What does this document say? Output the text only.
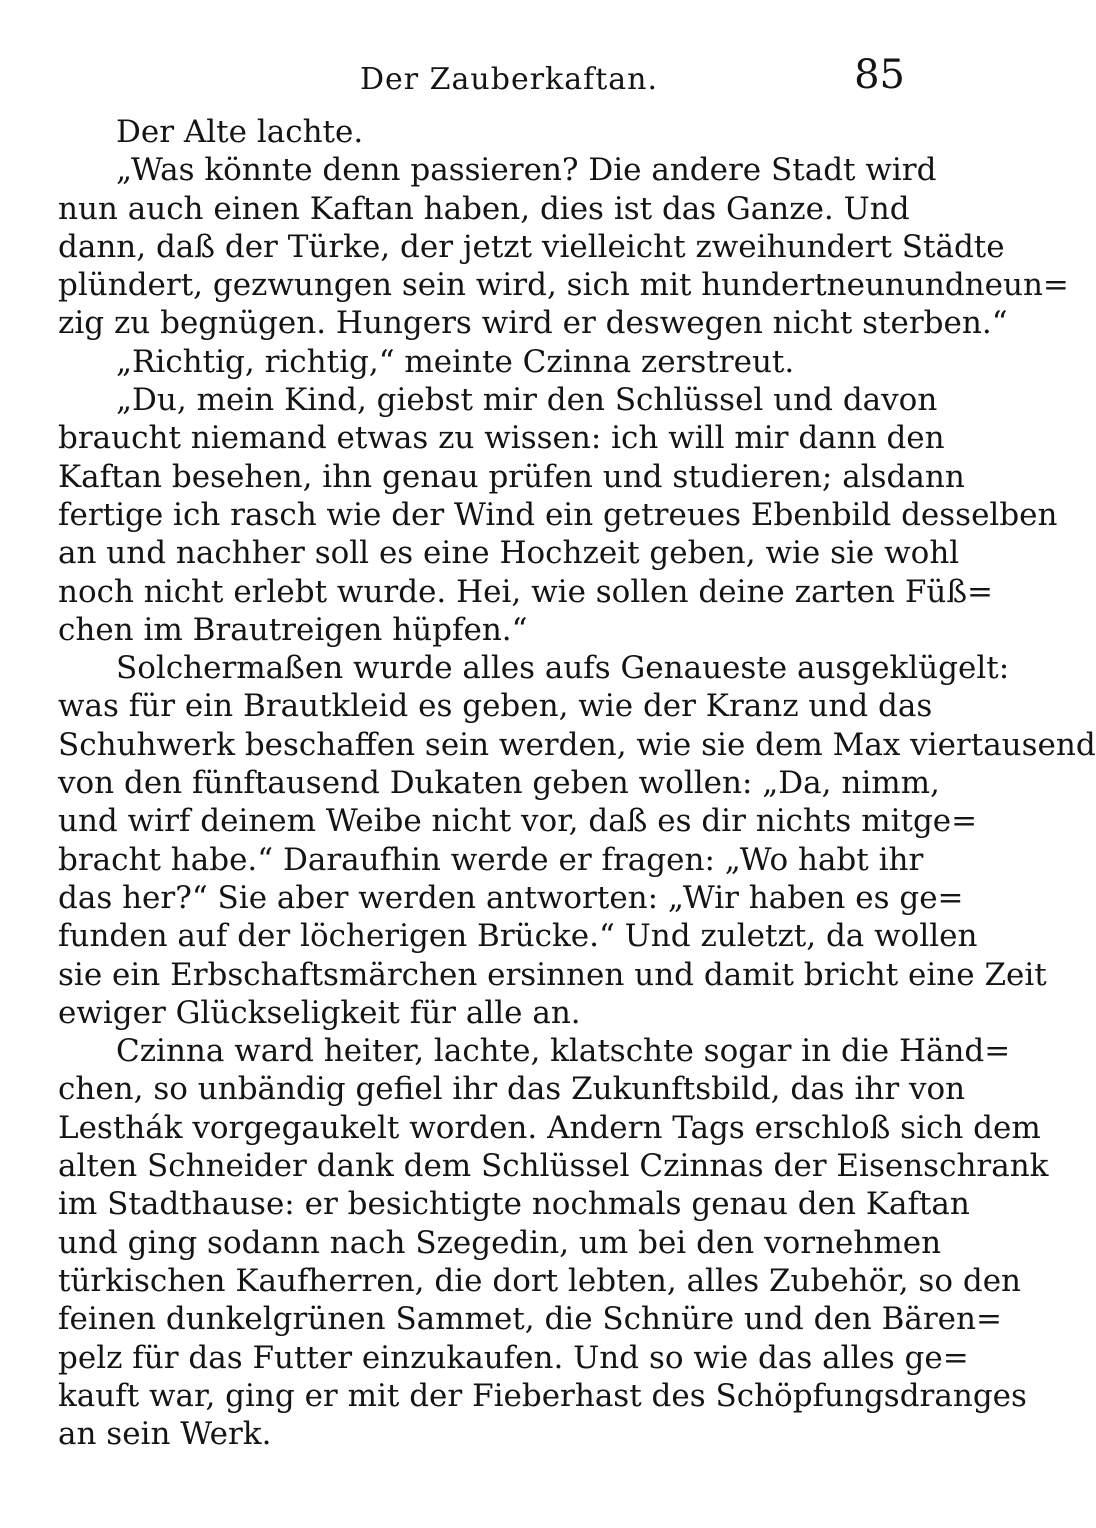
Der Zauberkaftan.	85
Der Alte lachte.
„Was könnte denn passieren? Die andere Stadt wird
nun auch einen Kaftan haben, dies ist das Ganze. Und
dann, daß der Türke, der jetzt vielleicht zweihundert Städte
plündert, gezwungen sein wird, sich mit hundertneunundneun=
zig zu begnügen. Hungers wird er deswegen nicht sterben.“
„Richtig, richtig,“ meinte Czinna zerstreut.
„Du, mein Kind, giebst mir den Schlüssel und davon
braucht niemand etwas zu wissen: ich will mir dann den
Kaftan besehen, ihn genau prüfen und studieren; alsdann
fertige ich rasch wie der Wind ein getreues Ebenbild desselben
an und nachher soll es eine Hochzeit geben, wie sie wohl
noch nicht erlebt wurde. Hei, wie sollen deine zarten Füß=
chen im Brautreigen hüpfen.“
Solchermaßen wurde alles aufs Genaueste ausgeklügelt:
was für ein Brautkleid es geben, wie der Kranz und das
Schuhwerk beschaffen sein werden, wie sie dem Max viertausend
von den fünftausend Dukaten geben wollen: „Da, nimm,
und wirf deinem Weibe nicht vor, daß es dir nichts mitge=
bracht habe.“ Daraufhin werde er fragen: „Wo habt ihr
das her?“ Sie aber werden antworten: „Wir haben es ge=
funden auf der löcherigen Brücke.“ Und zuletzt, da wollen
sie ein Erbschaftsmärchen ersinnen und damit bricht eine Zeit
ewiger Glückseligkeit für alle an.
Czinna ward heiter, lachte, klatschte sogar in die Händ=
chen, so unbändig gefiel ihr das Zukunftsbild, das ihr von
Lesthák vorgegaukelt worden. Andern Tags erschloß sich dem
alten Schneider dank dem Schlüssel Czinnas der Eisenschrank
im Stadthause: er besichtigte nochmals genau den Kaftan
und ging sodann nach Szegedin, um bei den vornehmen
türkischen Kaufherren, die dort lebten, alles Zubehör, so den
feinen dunkelgrünen Sammet, die Schnüre und den Bären=
pelz für das Futter einzukaufen. Und so wie das alles ge=
kauft war, ging er mit der Fieberhast des Schöpfungsdranges
an sein Werk.
